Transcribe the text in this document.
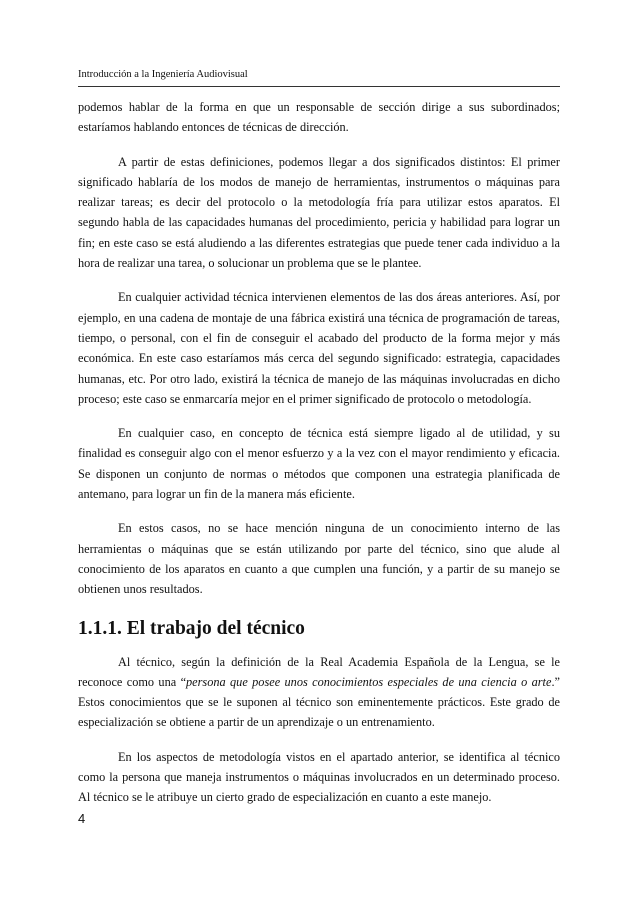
Introducción a la Ingeniería Audiovisual

podemos hablar de la forma en que un responsable de sección dirige a sus subordinados; estaríamos hablando entonces de técnicas de dirección.

A partir de estas definiciones, podemos llegar a dos significados distintos: El primer significado hablaría de los modos de manejo de herramientas, instrumentos o máquinas para realizar tareas; es decir del protocolo o la metodología fría para utilizar estos aparatos. El segundo habla de las capacidades humanas del procedimiento, pericia y habilidad para lograr un fin; en este caso se está aludiendo a las diferentes estrategias que puede tener cada individuo a la hora de realizar una tarea, o solucionar un problema que se le plantee.

En cualquier actividad técnica intervienen elementos de las dos áreas anteriores. Así, por ejemplo, en una cadena de montaje de una fábrica existirá una técnica de programación de tareas, tiempo, o personal, con el fin de conseguir el acabado del producto de la forma mejor y más económica. En este caso estaríamos más cerca del segundo significado: estrategia, capacidades humanas, etc. Por otro lado, existirá la técnica de manejo de las máquinas involucradas en dicho proceso; este caso se enmarcaría mejor en el primer significado de protocolo o metodología.

En cualquier caso, en concepto de técnica está siempre ligado al de utilidad, y su finalidad es conseguir algo con el menor esfuerzo y a la vez con el mayor rendimiento y eficacia. Se disponen un conjunto de normas o métodos que componen una estrategia planificada de antemano, para lograr un fin de la manera más eficiente.

En estos casos, no se hace mención ninguna de un conocimiento interno de las herramientas o máquinas que se están utilizando por parte del técnico, sino que alude al conocimiento de los aparatos en cuanto a que cumplen una función, y a partir de su manejo se obtienen unos resultados.

1.1.1. El trabajo del técnico

Al técnico, según la definición de la Real Academia Española de la Lengua, se le reconoce como una “persona que posee unos conocimientos especiales de una ciencia o arte.” Estos conocimientos que se le suponen al técnico son eminentemente prácticos. Este grado de especialización se obtiene a partir de un aprendizaje o un entrenamiento.

En los aspectos de metodología vistos en el apartado anterior, se identifica al técnico como la persona que maneja instrumentos o máquinas involucrados en un determinado proceso. Al técnico se le atribuye un cierto grado de especialización en cuanto a este manejo.

4
